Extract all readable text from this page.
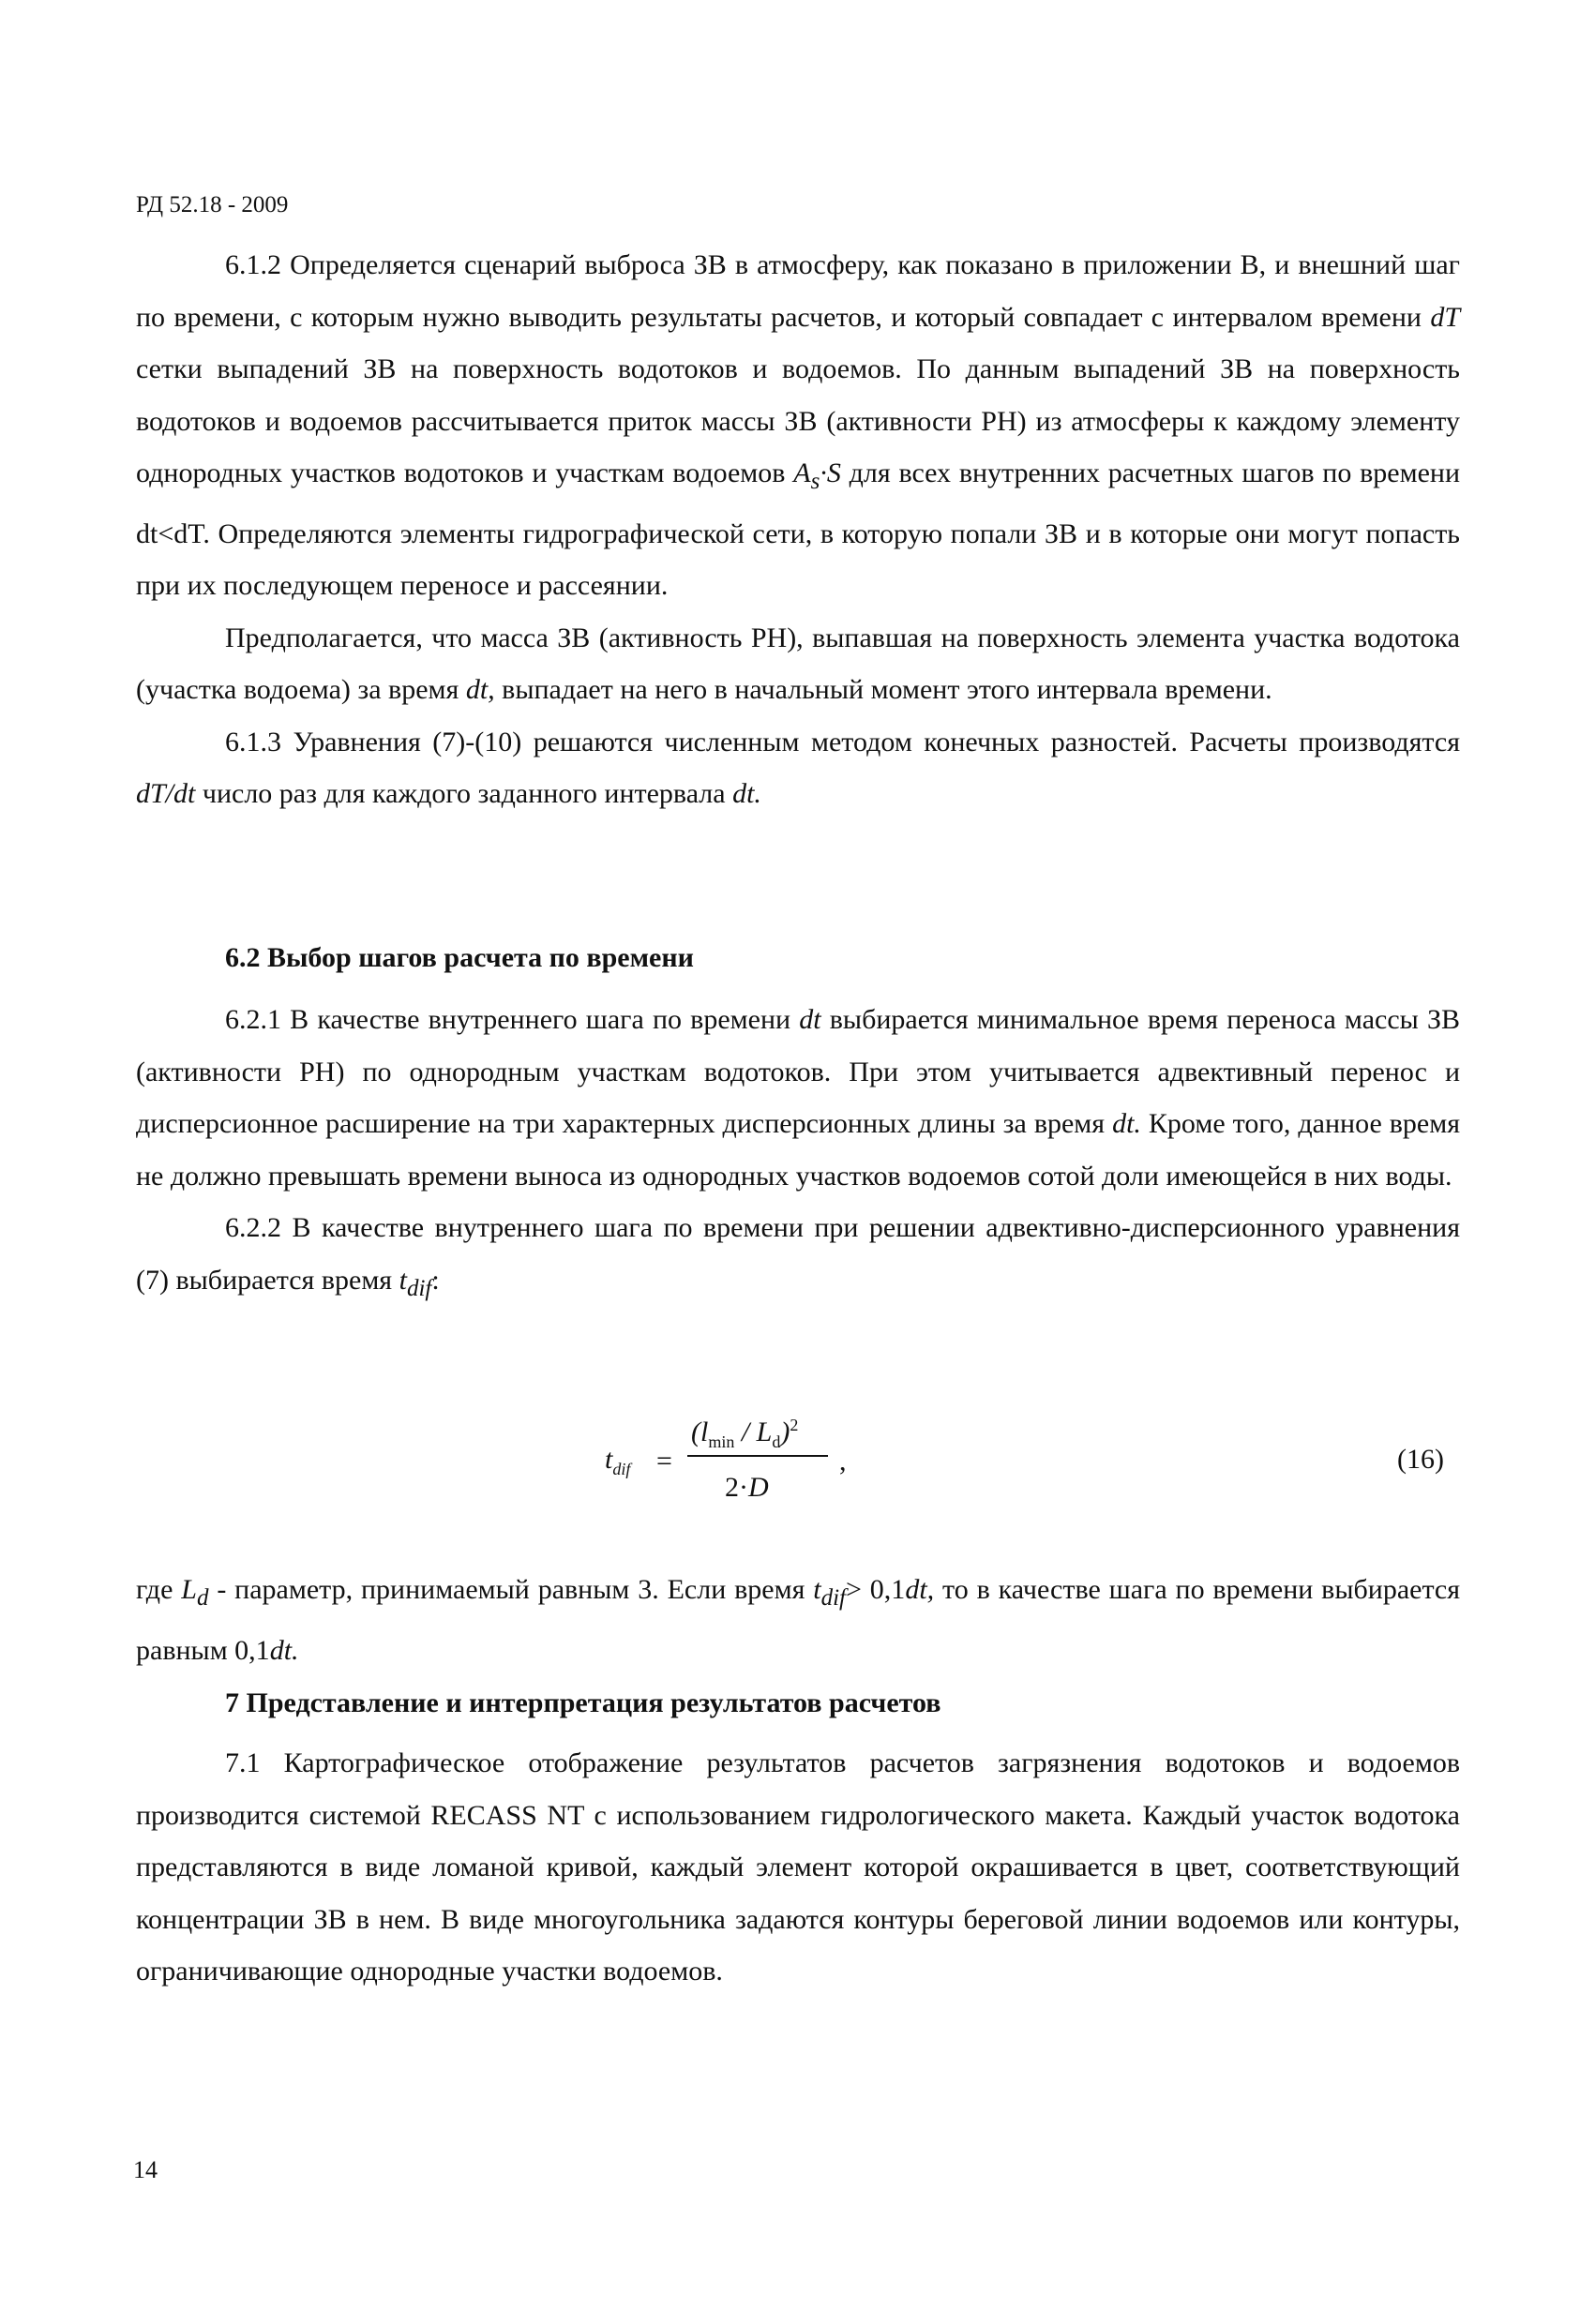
РД 52.18 - 2009

6.1.2 Определяется сценарий выброса ЗВ в атмосферу, как показано в приложении В, и внешний шаг по времени, с которым нужно выводить результаты расчетов, и который совпадает с интервалом времени dT сетки выпадений ЗВ на поверхность водотоков и водоемов. По данным выпадений ЗВ на поверхность водотоков и водоемов рассчитывается приток массы ЗВ (активности РН) из атмосферы к каждому элементу однородных участков водотоков и участкам водоемов $A_s\cdot S$ для всех внутренних расчетных шагов по времени dt<dT. Определяются элементы гидрографической сети, в которую попали ЗВ и в которые они могут попасть при их последующем переносе и рассеянии.

Предполагается, что масса ЗВ (активность РН), выпавшая на поверхность элемента участка водотока (участка водоема) за время dt, выпадает на него в начальный момент этого интервала времени.

6.1.3 Уравнения (7)-(10) решаются численным методом конечных разностей. Расчеты производятся dT/dt число раз для каждого заданного интервала dt.

6.2 Выбор шагов расчета по времени

6.2.1 В качестве внутреннего шага по времени dt выбирается минимальное время переноса массы ЗВ (активности РН) по однородным участкам водотоков. При этом учитывается адвективный перенос и дисперсионное расширение на три характерных дисперсионных длины за время dt. Кроме того, данное время не должно превышать времени выноса из однородных участков водоемов сотой доли имеющейся в них воды.

6.2.2 В качестве внутреннего шага по времени при решении адвективно-дисперсионного уравнения (7) выбирается время $t_{dif}$:

$t_{dif}$ =
$(l_{min} / L_d)^2$
2·D
,	(16)

где $L_d$ - параметр, принимаемый равным 3. Если время $t_{dif}> 0,1dt$, то в качестве шага по времени выбирается равным 0,1dt.

7 Представление и интерпретация результатов расчетов

7.1 Картографическое отображение результатов расчетов загрязнения водотоков и водоемов производится системой RECASS NT с использованием гидрологического макета. Каждый участок водотока представляются в виде ломаной кривой, каждый элемент которой окрашивается в цвет, соответствующий концентрации ЗВ в нем. В виде многоугольника задаются контуры береговой линии водоемов или контуры, ограничивающие однородные участки водоемов.

14
